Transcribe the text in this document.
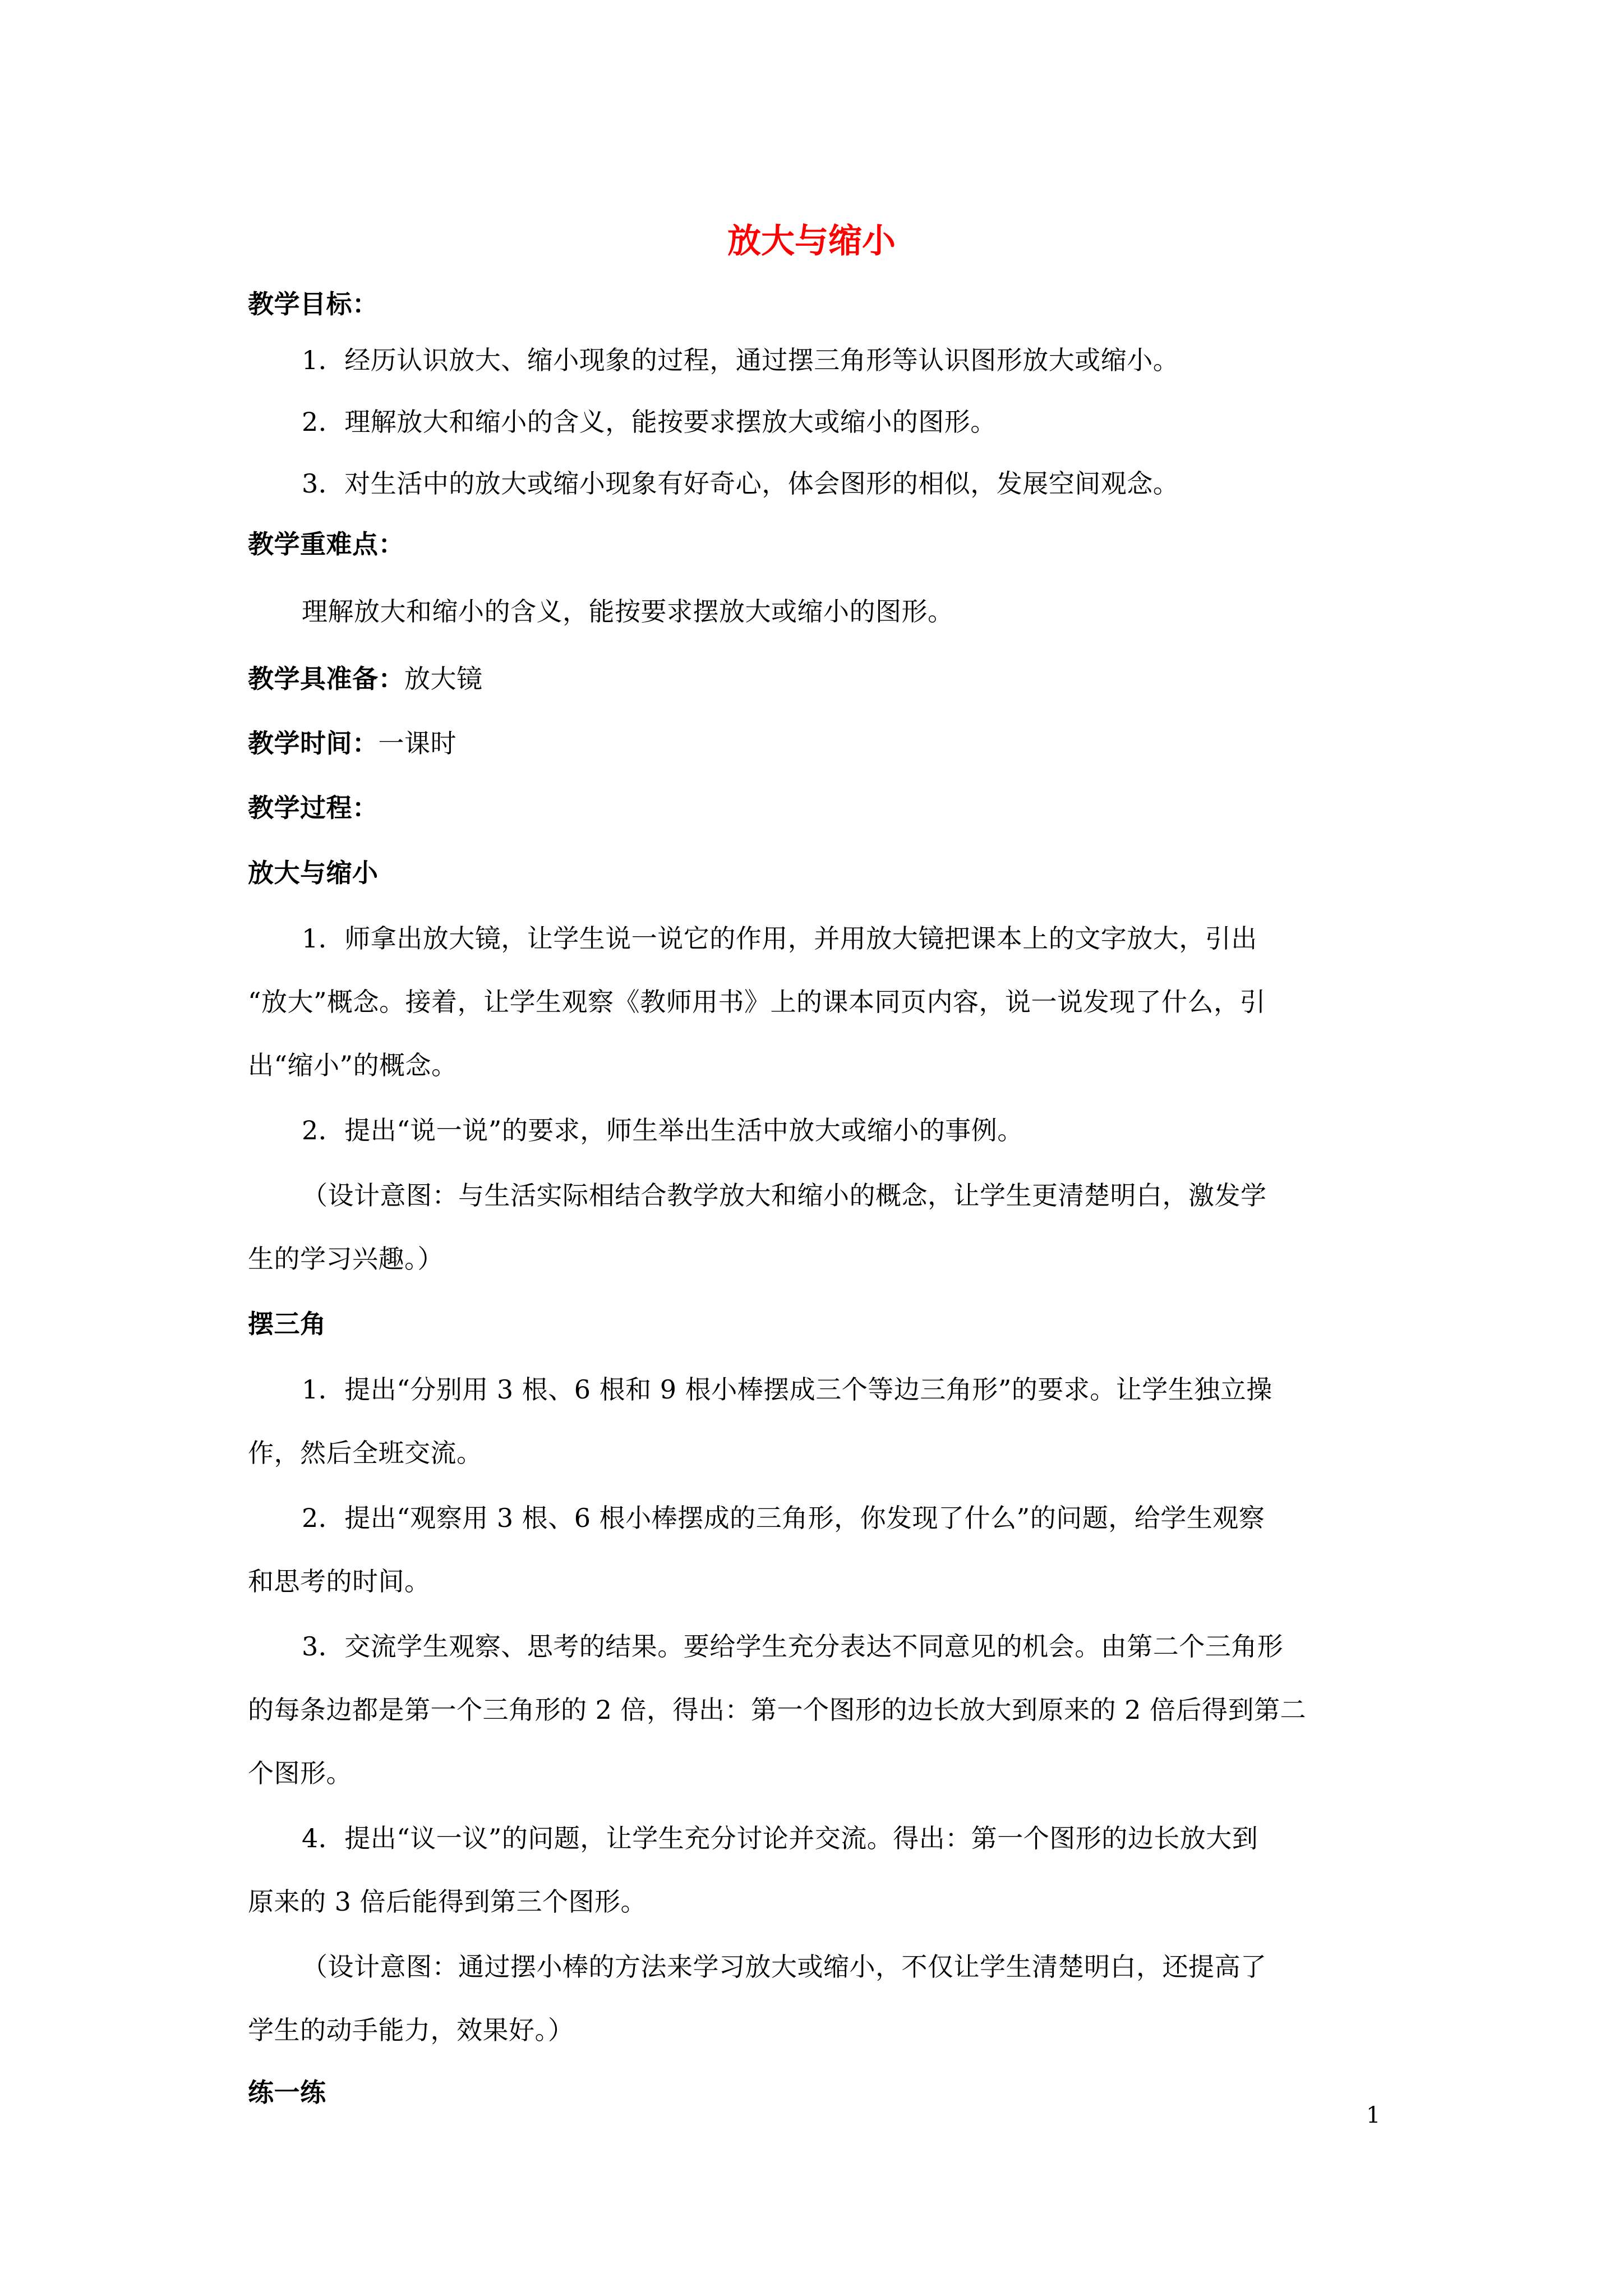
放大与缩小
教学目标：
1．经历认识放大、缩小现象的过程，通过摆三角形等认识图形放大或缩小。
2．理解放大和缩小的含义，能按要求摆放大或缩小的图形。
3．对生活中的放大或缩小现象有好奇心，体会图形的相似，发展空间观念。
教学重难点：
理解放大和缩小的含义，能按要求摆放大或缩小的图形。
教学具准备：放大镜
教学时间：一课时
教学过程：
放大与缩小
1．师拿出放大镜，让学生说一说它的作用，并用放大镜把课本上的文字放大，引出
“放大”概念。接着，让学生观察《教师用书》上的课本同页内容，说一说发现了什么，引
出“缩小”的概念。
2．提出“说一说”的要求，师生举出生活中放大或缩小的事例。
（设计意图：与生活实际相结合教学放大和缩小的概念，让学生更清楚明白，激发学
生的学习兴趣。）
摆三角
1．提出“分别用 3 根、6 根和 9 根小棒摆成三个等边三角形”的要求。让学生独立操
作，然后全班交流。
2．提出“观察用 3 根、6 根小棒摆成的三角形，你发现了什么”的问题，给学生观察
和思考的时间。
3．交流学生观察、思考的结果。要给学生充分表达不同意见的机会。由第二个三角形
的每条边都是第一个三角形的 2 倍，得出：第一个图形的边长放大到原来的 2 倍后得到第二
个图形。
4．提出“议一议”的问题，让学生充分讨论并交流。得出：第一个图形的边长放大到
原来的 3 倍后能得到第三个图形。
（设计意图：通过摆小棒的方法来学习放大或缩小，不仅让学生清楚明白，还提高了
学生的动手能力，效果好。）
练一练
1
